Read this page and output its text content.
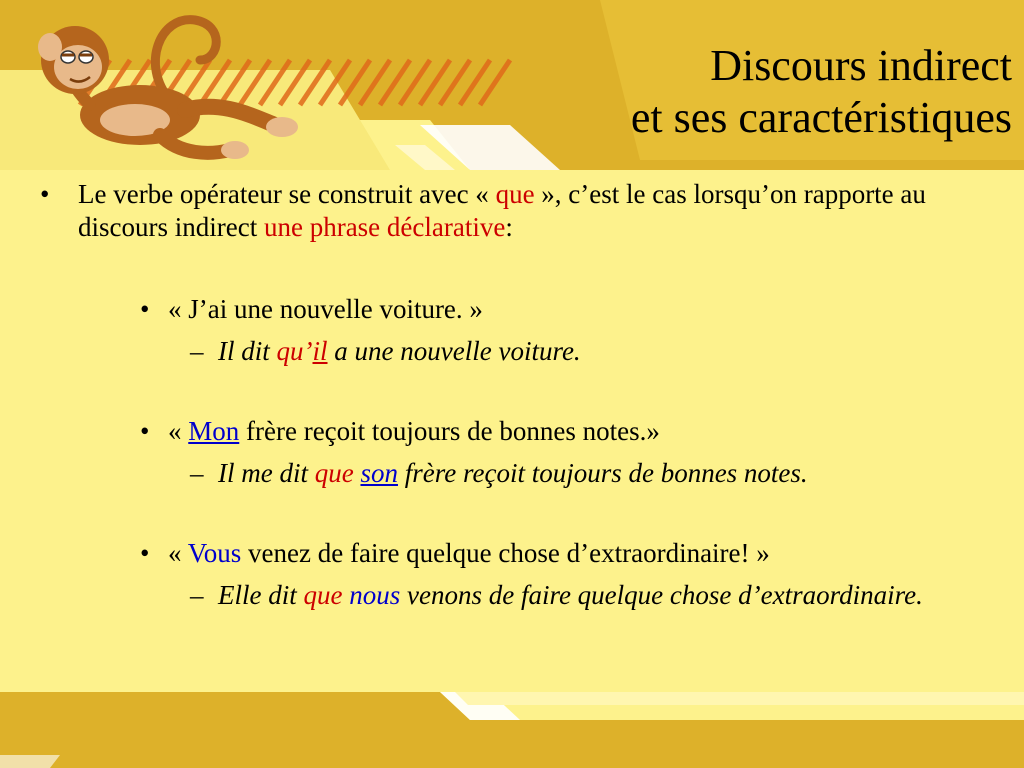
Discours indirect
et ses caractéristiques
• Le verbe opérateur se construit avec « que », c’est le cas lorsqu’on rapporte au discours indirect une phrase déclarative:
• « J’ai une nouvelle voiture. »
– Il dit qu’il a une nouvelle voiture.
• « Mon frère reçoit toujours de bonnes notes.»
– Il me dit que son frère reçoit toujours de bonnes notes.
• « Vous venez de faire quelque chose d’extraordinaire! »
– Elle dit que nous venons de faire quelque chose d’extraordinaire.
